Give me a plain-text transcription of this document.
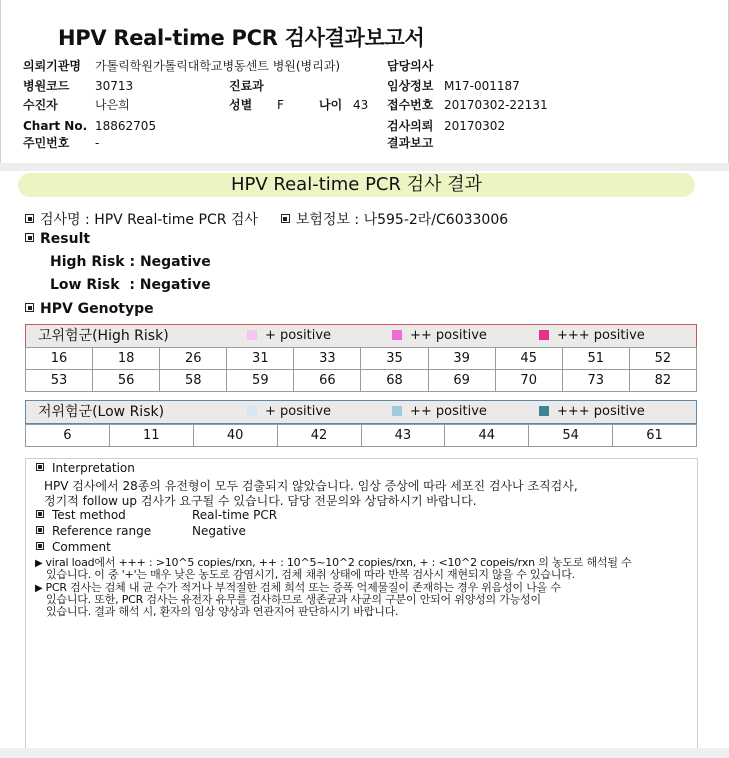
HPV Real-time PCR 검사결과보고서
의뢰기관명 가톨릭학원가톨릭대학교병동센트 병원(병리과)	담당의사
병원코드 30713	진료과	임상정보 M17-001187
수진자	나은희	성별 F	나이 43 접수번호 20170302-22131
Chart No. 18862705	검사의뢰 20170302
주민번호 -	결과보고
HPV Real-time PCR 검사 결과
검사명 : HPV Real-time PCR 검사	보험정보 : 나595-2라/C6033006
Result
High Risk : Negative
Low Risk  : Negative
HPV Genotype
고위험군(High Risk)	+ positive	++ positive	+++ positive
16	18	26	31	33	35	39	45	51	52
53	56	58	59	66	68	69	70	73	82
저위험군(Low Risk)	+ positive	++ positive	+++ positive
6	11	40	42	43	44	54	61
Interpretation
HPV 검사에서 28종의 유전형이 모두 검출되지 않았습니다. 임상 증상에 따라 세포진 검사나 조직검사,
정기적 follow up 검사가 요구될 수 있습니다. 담당 전문의와 상담하시기 바랍니다.
Test method	Real-time PCR
Reference range	Negative
Comment
▶ viral load에서 +++ : >10^5 copies/rxn, ++ : 10^5~10^2 copies/rxn, + : <10^2 copeis/rxn 의 농도로 해석될 수
있습니다. 이 중 '+'는 매우 낮은 농도로 감염시기, 검체 채취 상태에 따라 반복 검사시 재현되지 않을 수 있습니다.
▶ PCR 검사는 검체 내 균 수가 적거나 부적절한 검체 희석 또는 증폭 억제물질이 존재하는 경우 위음성이 나올 수
있습니다. 또한, PCR 검사는 유전자 유무를 검사하므로 생존균과 사균의 구분이 안되어 위양성의 가능성이
있습니다. 결과 해석 시, 환자의 임상 양상과 연관지어 판단하시기 바랍니다.
